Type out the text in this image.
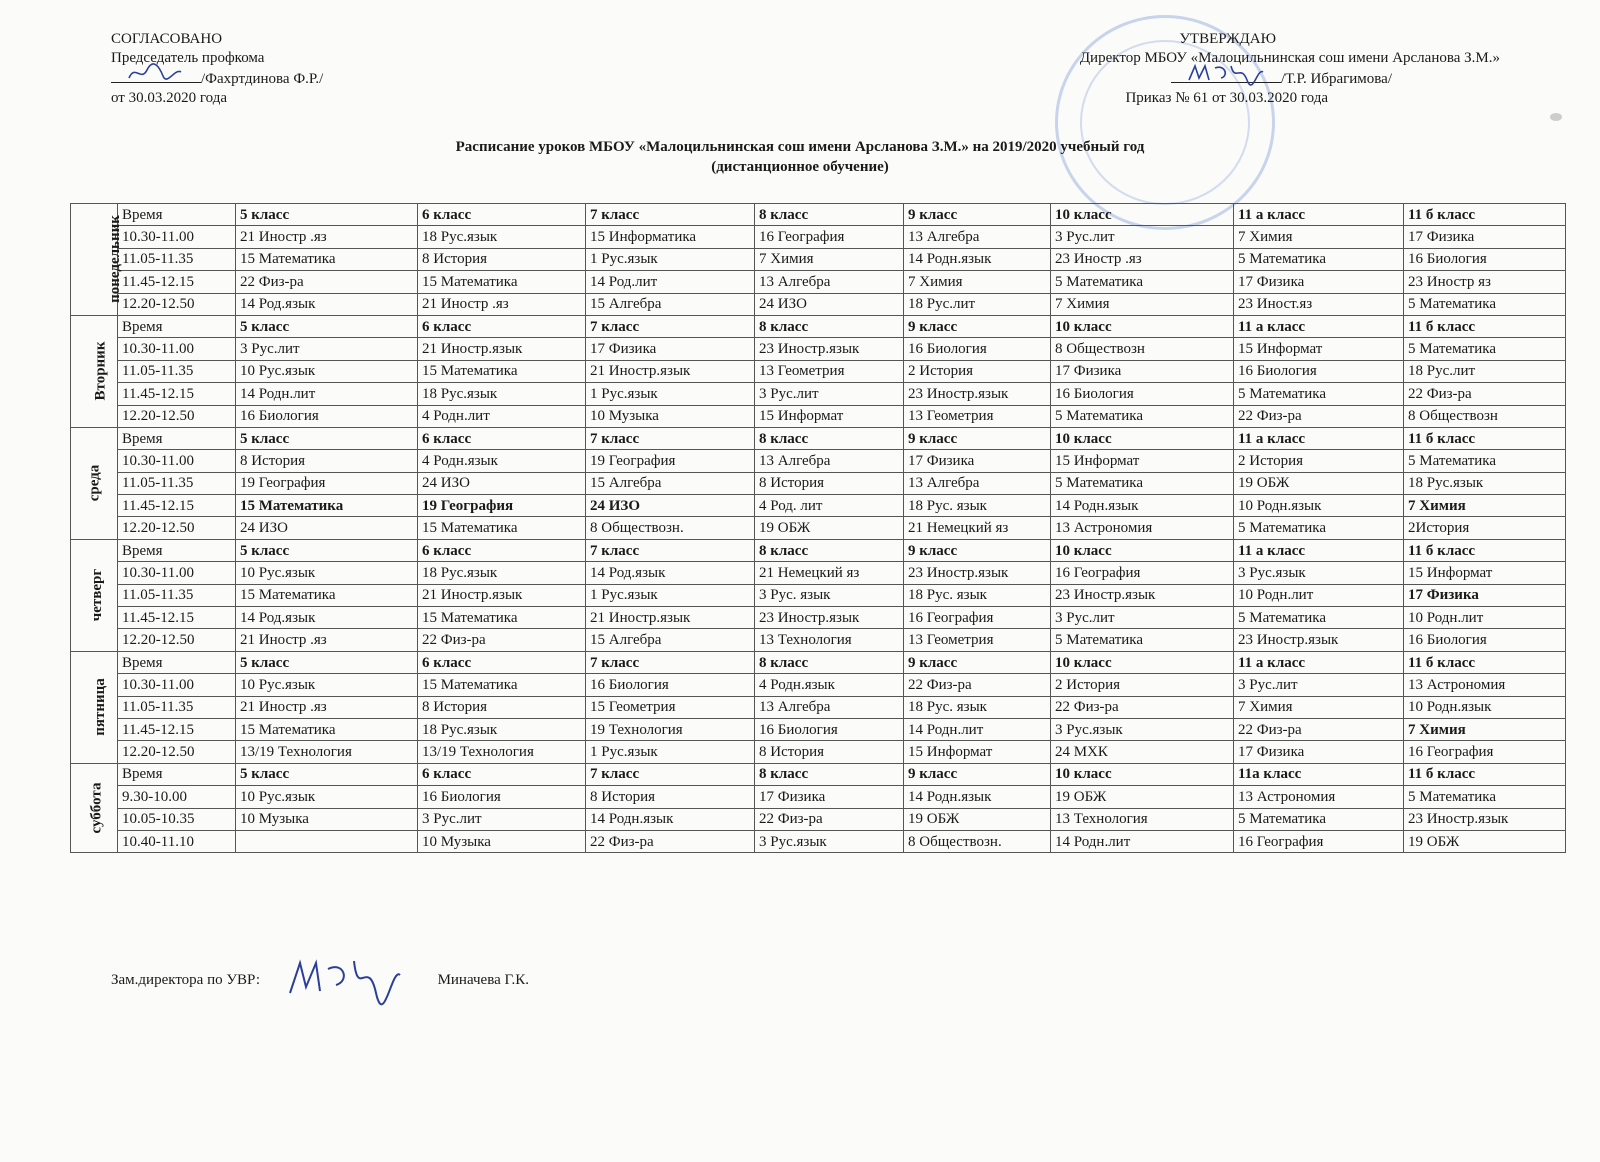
СОГЛАСОВАНО
Председатель профкома
/Фахртдинова Ф.Р./
от 30.03.2020 года
УТВЕРЖДАЮ
Директор МБОУ «Малоцильнинская сош имени Арсланова З.М.»
/Т.Р. Ибрагимова/
Приказ № 61 от 30.03.2020 года
Расписание уроков МБОУ «Малоцильнинская сош имени Арсланова З.М.» на 2019/2020 учебный год
(дистанционное обучение)
понедельник	Время	5 класс	6 класс	7 класс	8 класс	9 класс	10 класс	11 а класс	11 б класс
	10.30-11.00	21 Иностр .яз	18 Рус.язык	15 Информатика	16 География	13 Алгебра	3 Рус.лит	7 Химия	17 Физика
	11.05-11.35	15 Математика	8 История	1 Рус.язык	7 Химия	14 Родн.язык	23 Иностр .яз	5 Математика	16 Биология
	11.45-12.15	22 Физ-ра	15 Математика	14 Род.лит	13 Алгебра	7 Химия	5 Математика	17 Физика	23 Иностр яз
	12.20-12.50	14 Род.язык	21 Иностр .яз	15 Алгебра	24 ИЗО	18 Рус.лит	7 Химия	23 Иност.яз	5 Математика
Вторник	Время	5 класс	6 класс	7 класс	8 класс	9 класс	10 класс	11 а класс	11 б класс
	10.30-11.00	3 Рус.лит	21 Иностр.язык	17 Физика	23 Иностр.язык	16 Биология	8 Обществозн	15 Информат	5 Математика
	11.05-11.35	10 Рус.язык	15 Математика	21 Иностр.язык	13 Геометрия	2 История	17 Физика	16 Биология	18 Рус.лит
	11.45-12.15	14 Родн.лит	18 Рус.язык	1 Рус.язык	3 Рус.лит	23 Иностр.язык	16 Биология	5 Математика	22 Физ-ра
	12.20-12.50	16 Биология	4 Родн.лит	10 Музыка	15 Информат	13 Геометрия	5 Математика	22 Физ-ра	8 Обществозн
среда	Время	5 класс	6 класс	7 класс	8 класс	9 класс	10 класс	11 а класс	11 б класс
	10.30-11.00	8 История	4 Родн.язык	19 География	13 Алгебра	17 Физика	15 Информат	2 История	5 Математика
	11.05-11.35	19 География	24 ИЗО	15 Алгебра	8 История	13 Алгебра	5 Математика	19 ОБЖ	18 Рус.язык
	11.45-12.15	15 Математика	19 География	24 ИЗО	4 Род. лит	18 Рус. язык	14 Родн.язык	10 Родн.язык	7 Химия
	12.20-12.50	24 ИЗО	15 Математика	8 Обществозн.	19 ОБЖ	21 Немецкий яз	13 Астрономия	5 Математика	2История
четверг	Время	5 класс	6 класс	7 класс	8 класс	9 класс	10 класс	11 а класс	11 б класс
	10.30-11.00	10 Рус.язык	18 Рус.язык	14 Род.язык	21 Немецкий яз	23 Иностр.язык	16 География	3 Рус.язык	15 Информат
	11.05-11.35	15 Математика	21 Иностр.язык	1 Рус.язык	3 Рус. язык	18 Рус. язык	23 Иностр.язык	10 Родн.лит	17 Физика
	11.45-12.15	14 Род.язык	15 Математика	21 Иностр.язык	23 Иностр.язык	16 География	3 Рус.лит	5 Математика	10 Родн.лит
	12.20-12.50	21 Иностр .яз	22 Физ-ра	15 Алгебра	13 Технология	13 Геометрия	5 Математика	23 Иностр.язык	16 Биология
пятница	Время	5 класс	6 класс	7 класс	8 класс	9 класс	10 класс	11 а класс	11 б класс
	10.30-11.00	10 Рус.язык	15 Математика	16 Биология	4 Родн.язык	22 Физ-ра	2 История	3 Рус.лит	13 Астрономия
	11.05-11.35	21 Иностр .яз	8 История	15 Геометрия	13 Алгебра	18 Рус. язык	22 Физ-ра	7 Химия	10 Родн.язык
	11.45-12.15	15 Математика	18 Рус.язык	19 Технология	16 Биология	14 Родн.лит	3 Рус.язык	22 Физ-ра	7 Химия
	12.20-12.50	13/19 Технология	13/19 Технология	1 Рус.язык	8 История	15 Информат	24 МХК	17 Физика	16 География
суббота	Время	5 класс	6 класс	7 класс	8 класс	9 класс	10 класс	11а класс	11 б класс
	9.30-10.00	10 Рус.язык	16 Биология	8 История	17 Физика	14 Родн.язык	19 ОБЖ	13 Астрономия	5 Математика
	10.05-10.35	10 Музыка	3 Рус.лит	14 Родн.язык	22 Физ-ра	19 ОБЖ	13 Технология	5 Математика	23 Иностр.язык
	10.40-11.10		10 Музыка	22 Физ-ра	3 Рус.язык	8 Обществозн.	14 Родн.лит	16 География	19 ОБЖ
Зам.директора по УВР:	Миначева Г.К.
